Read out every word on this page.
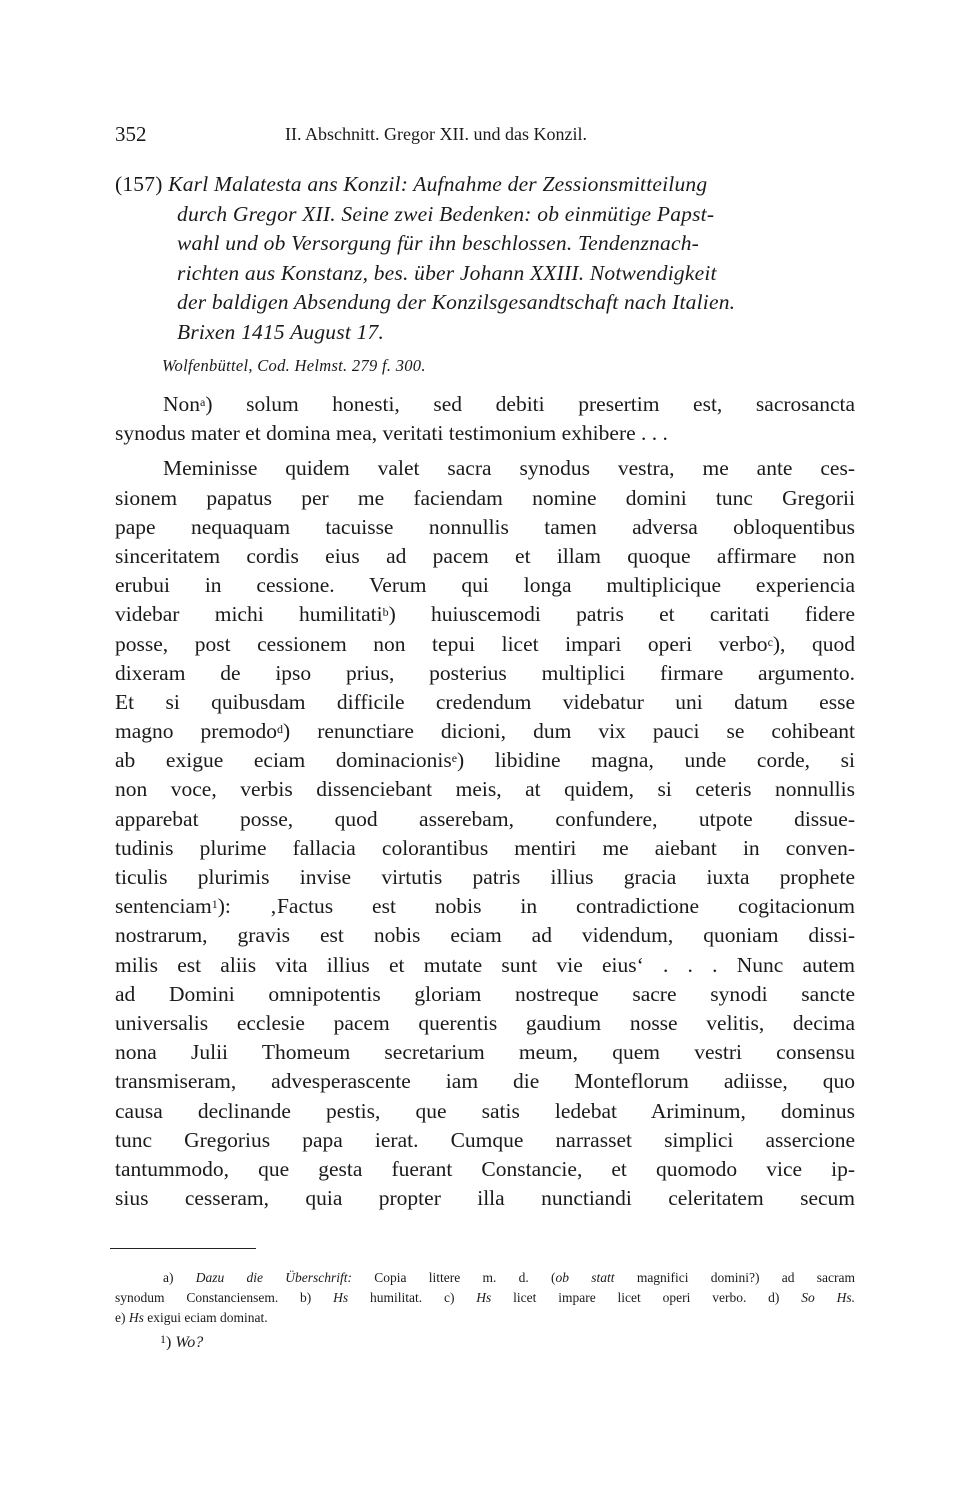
352	II. Abschnitt. Gregor XII. und das Konzil.
(157) Karl Malatesta ans Konzil: Aufnahme der Zessionsmitteilung
durch Gregor XII. Seine zwei Bedenken: ob einmütige Papst-
wahl und ob Versorgung für ihn beschlossen. Tendenznach-
richten aus Konstanz, bes. über Johann XXIII. Notwendigkeit
der baldigen Absendung der Konzilsgesandtschaft nach Italien.
Brixen 1415 August 17.
Wolfenbüttel, Cod. Helmst. 279 f. 300.
Non$^a$) solum honesti, sed debiti presertim est, sacrosancta
synodus mater et domina mea, veritati testimonium exhibere . . .
Meminisse quidem valet sacra synodus vestra, me ante ces-
sionem papatus per me faciendam nomine domini tunc Gregorii
pape nequaquam tacuisse nonnullis tamen adversa obloquentibus
sinceritatem cordis eius ad pacem et illam quoque affirmare non
erubui in cessione. Verum qui longa multiplicique experiencia
videbar michi humilitati$^b$) huiuscemodi patris et caritati fidere
posse, post cessionem non tepui licet impari operi verbo$^c$), quod
dixeram de ipso prius, posterius multiplici firmare argumento.
Et si quibusdam difficile credendum videbatur uni datum esse
magno premodo$^d$) renunctiare dicioni, dum vix pauci se cohibeant
ab exigue eciam dominacionis$^e$) libidine magna, unde corde, si
non voce, verbis dissenciebant meis, at quidem, si ceteris nonnullis
apparebat posse, quod asserebam, confundere, utpote dissue-
tudinis plurime fallacia colorantibus mentiri me aiebant in conven-
ticulis plurimis invise virtutis patris illius gracia iuxta prophete
sentenciam$^1$): ‚Factus est nobis in contradictione cogitacionum
nostrarum, gravis est nobis eciam ad videndum, quoniam dissi-
milis est aliis vita illius et mutate sunt vie eius‘ . . . Nunc autem
ad Domini omnipotentis gloriam nostreque sacre synodi sancte
universalis ecclesie pacem querentis gaudium nosse velitis, decima
nona Julii Thomeum secretarium meum, quem vestri consensu
transmiseram, advesperascente iam die Monteflorum adiisse, quo
causa declinande pestis, que satis ledebat Ariminum, dominus
tunc Gregorius papa ierat. Cumque narrasset simplici assercione
tantummodo, que gesta fuerant Constancie, et quomodo vice ip-
sius cesseram, quia propter illa nunctiandi celeritatem secum
a) Dazu die Überschrift: Copia littere m. d. (ob statt magnifici domini?) ad sacram
synodum Constanciensem. b) Hs humilitat. c) Hs licet impare licet operi verbo. d) So Hs.
e) Hs exigui eciam dominat.
$^1$) Wo?
